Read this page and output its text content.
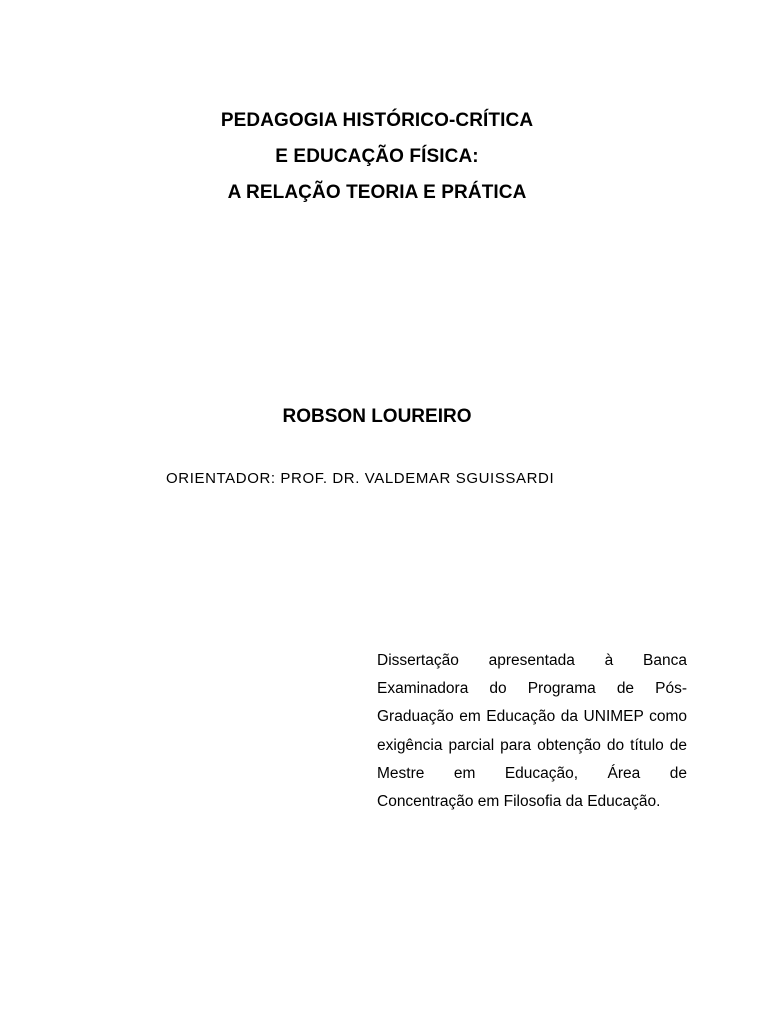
PEDAGOGIA HISTÓRICO-CRÍTICA
E EDUCAÇÃO FÍSICA:
A RELAÇÃO TEORIA E PRÁTICA
ROBSON LOUREIRO
ORIENTADOR: PROF. DR. VALDEMAR SGUISSARDI
Dissertação apresentada à Banca Examinadora do Programa de Pós-Graduação em Educação da UNIMEP como exigência parcial para obtenção do título de Mestre em Educação, Área de Concentração em Filosofia da Educação.
